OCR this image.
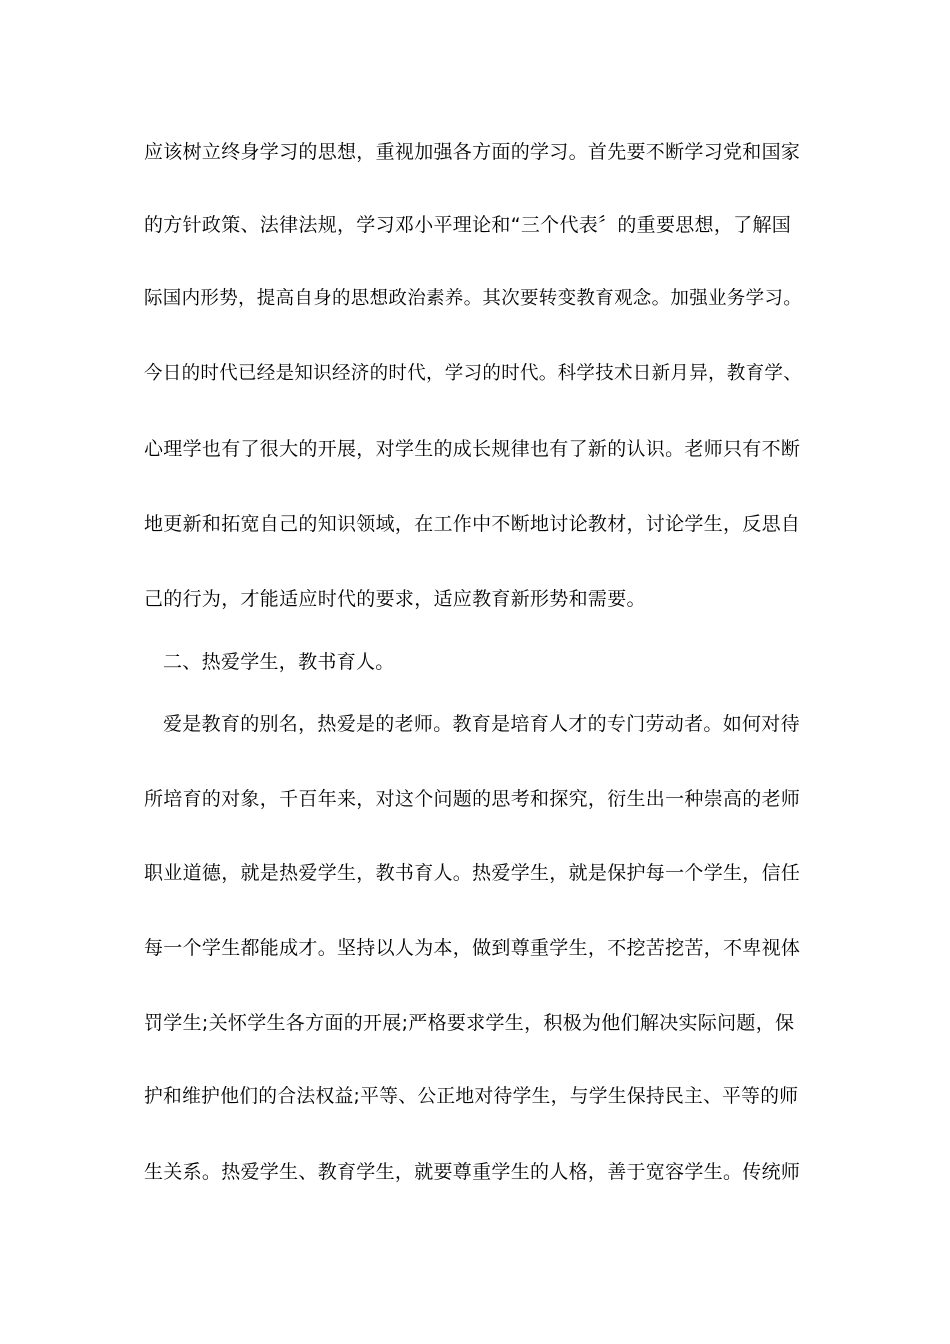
应该树立终身学习的思想，重视加强各方面的学习。首先要不断学习党和国家
的方针政策、法律法规，学习邓小平理论和“三个代表〞的重要思想，了解国
际国内形势，提高自身的思想政治素养。其次要转变教育观念。加强业务学习。
今日的时代已经是知识经济的时代，学习的时代。科学技术日新月异，教育学、
心理学也有了很大的开展，对学生的成长规律也有了新的认识。老师只有不断
地更新和拓宽自己的知识领域，在工作中不断地讨论教材，讨论学生，反思自
己的行为，才能适应时代的要求，适应教育新形势和需要。
二、热爱学生，教书育人。
爱是教育的别名，热爱是的老师。教育是培育人才的专门劳动者。如何对待
所培育的对象，千百年来，对这个问题的思考和探究，衍生出一种崇高的老师
职业道德，就是热爱学生，教书育人。热爱学生，就是保护每一个学生，信任
每一个学生都能成才。坚持以人为本，做到尊重学生，不挖苦挖苦，不卑视体
罚学生;关怀学生各方面的开展;严格要求学生，积极为他们解决实际问题，保
护和维护他们的合法权益;平等、公正地对待学生，与学生保持民主、平等的师
生关系。热爱学生、教育学生，就要尊重学生的人格，善于宽容学生。传统师
